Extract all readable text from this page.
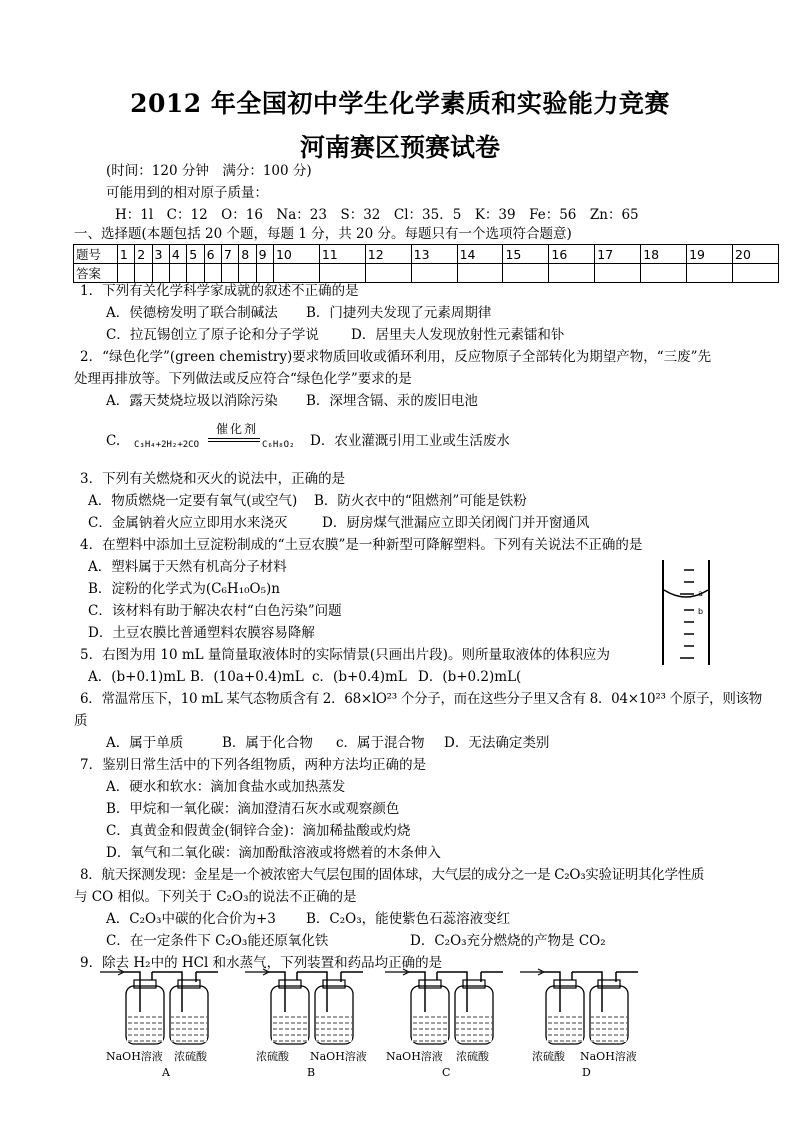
2012 年全国初中学生化学素质和实验能力竞赛
河南赛区预赛试卷
(时间：120 分钟　满分：100 分)
可能用到的相对原子质量：
H：1l　C：12　O：16　Na：23　S：32　Cl：35．5　K：39　Fe：56　Zn：65
一、选择题(本题包括 20 个题，每题 1 分，共 20 分。每题只有一个选项符合题意)
题号	1	2	3	4	5	6	7	8	9	10	11	12	13	14	15	16	17	18	19	20
答案																				
1．下列有关化学科学家成就的叙述不正确的是
A．侯德榜发明了联合制碱法 B．门捷列夫发现了元素周期律
C．拉瓦锡创立了原子论和分子学说 D．居里夫人发现放射性元素镭和钋
2．“绿色化学”(green chemistry)要求物质回收或循环利用，反应物原子全部转化为期望产物，“三废”先
处理再排放等。下列做法或反应符合“绿色化学”要求的是
A．露天焚烧垃圾以消除污染 B．深埋含镉、汞的废旧电池
C. C₃H₄+2H₂+2CO
催化剂
C₆H₈O₂ D．农业灌溉引用工业或生活废水
3．下列有关燃烧和灭火的说法中，正确的是
A．物质燃烧一定要有氧气(或空气) B．防火衣中的“阻燃剂”可能是铁粉
C．金属钠着火应立即用水来浇灭	D．厨房煤气泄漏应立即关闭阀门并开窗通风
4．在塑料中添加土豆淀粉制成的“土豆农膜”是一种新型可降解塑料。下列有关说法不正确的是
A．塑料属于天然有机高分子材料
B．淀粉的化学式为(C₆H₁₀O₅)n
C．该材料有助于解决农村“白色污染”问题
D．土豆农膜比普通塑料农膜容易降解
a
b
5．右图为用 10 mL 量筒量取液体时的实际情景(只画出片段)。则所量取液体的体积应为
A．(b+0.1)mL B．(10a+0.4)mL c．(b+0.4)mL D．(b+0.2)mL(
6．常温常压下，10 mL 某气态物质含有 2．68×lO²³ 个分子，而在这些分子里又含有 8．04×10²³ 个原子，则该物
质
A．属于单质	B．属于化合物 c．属于混合物 D．无法确定类别
7．鉴别日常生活中的下列各组物质，两种方法均正确的是
A．硬水和软水：滴加食盐水或加热蒸发
B．甲烷和一氧化碳：滴加澄清石灰水或观察颜色
C．真黄金和假黄金(铜锌合金)：滴加稀盐酸或灼烧
D．氧气和二氧化碳：滴加酚酞溶液或将燃着的木条伸入
8．航天探测发现：金星是一个被浓密大气层包围的固体球，大气层的成分之一是 C₂O₃实验证明其化学性质
与 CO 相似。下列关于 C₂O₃的说法不正确的是
A．C₂O₃中碳的化合价为+3 B．C₂O₃，能使紫色石蕊溶液变红
C．在一定条件下 C₂O₃能还原氧化铁	D．C₂O₃充分燃烧的产物是 CO₂
9．除去 H₂中的 HCl 和水蒸气，下列装置和药品均正确的是
NaOH溶液 浓硫酸
A
浓硫酸 NaOH溶液
B
NaOH溶液 浓硫酸
C
浓硫酸 NaOH溶液
D
